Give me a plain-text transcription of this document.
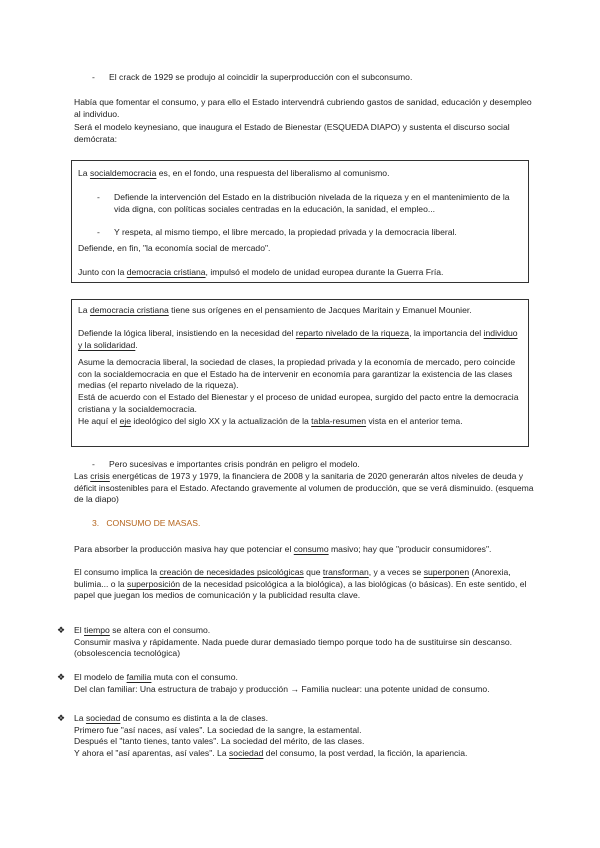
- El crack de 1929 se produjo al coincidir la superproducción con el subconsumo.

Había que fomentar el consumo, y para ello el Estado intervendrá cubriendo gastos de sanidad, educación y desempleo al individuo.

Será el modelo keynesiano, que inaugura el Estado de Bienestar (ESQUEDA DIAPO) y sustenta el discurso social demócrata:

La socialdemocracia es, en el fondo, una respuesta del liberalismo al comunismo.

- Defiende la intervención del Estado en la distribución nivelada de la riqueza y en el mantenimiento de la vida digna, con políticas sociales centradas en la educación, la sanidad, el empleo...
- Y respeta, al mismo tiempo, el libre mercado, la propiedad privada y la democracia liberal.

Defiende, en fin, "la economía social de mercado".

Junto con la democracia cristiana, impulsó el modelo de unidad europea durante la Guerra Fría.

La democracia cristiana tiene sus orígenes en el pensamiento de Jacques Maritain y Emanuel Mounier.

Defiende la lógica liberal, insistiendo en la necesidad del reparto nivelado de la riqueza, la importancia del individuo y la solidaridad.

Asume la democracia liberal, la sociedad de clases, la propiedad privada y la economía de mercado, pero coincide con la socialdemocracia en que el Estado ha de intervenir en economía para garantizar la existencia de las clases medias (el reparto nivelado de la riqueza).

Está de acuerdo con el Estado del Bienestar y el proceso de unidad europea, surgido del pacto entre la democracia cristiana y la socialdemocracia.

He aquí el eje ideológico del siglo XX y la actualización de la tabla-resumen vista en el anterior tema.

- Pero sucesivas e importantes crisis pondrán en peligro el modelo.

Las crisis energéticas de 1973 y 1979, la financiera de 2008 y la sanitaria de 2020 generarán altos niveles de deuda y déficit insostenibles para el Estado. Afectando gravemente al volumen de producción, que se verá disminuido. (esquema de la diapo)

3.   CONSUMO DE MASAS.

Para absorber la producción masiva hay que potenciar el consumo masivo; hay que "producir consumidores".

El consumo implica la creación de necesidades psicológicas que transforman, y a veces se superponen (Anorexia, bulimia... o la superposición de la necesidad psicológica a la biológica), a las biológicas (o básicas). En este sentido, el papel que juegan los medios de comunicación y la publicidad resulta clave.

❖ El tiempo se altera con el consumo.

Consumir masiva y rápidamente. Nada puede durar demasiado tiempo porque todo ha de sustituirse sin descanso. (obsolescencia tecnológica)

❖ El modelo de familia muta con el consumo.

Del clan familiar: Una estructura de trabajo y producción → Familia nuclear: una potente unidad de consumo.

❖ La sociedad de consumo es distinta a la de clases.

Primero fue "así naces, así vales". La sociedad de la sangre, la estamental.

Después el "tanto tienes, tanto vales". La sociedad del mérito, de las clases.

Y ahora el "así aparentas, así vales". La sociedad del consumo, la post verdad, la ficción, la apariencia.
